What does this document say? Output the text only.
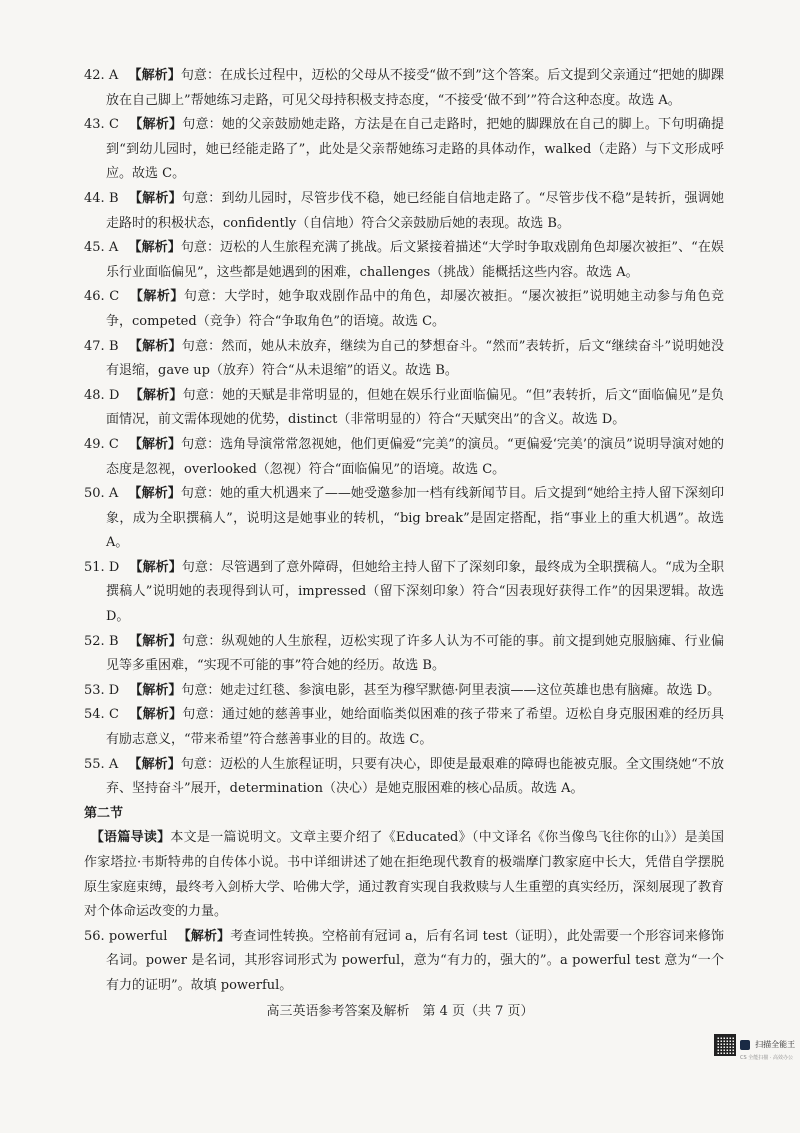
42. A 【解析】句意：在成长过程中，迈松的父母从不接受“做不到”这个答案。后文提到父亲通过“把她的脚踝放在自己脚上”帮她练习走路，可见父母持积极支持态度，“不接受‘做不到’”符合这种态度。故选 A。

43. C 【解析】句意：她的父亲鼓励她走路，方法是在自己走路时，把她的脚踝放在自己的脚上。下句明确提到“到幼儿园时，她已经能走路了”，此处是父亲帮她练习走路的具体动作，walked（走路）与下文形成呼应。故选 C。

44. B 【解析】句意：到幼儿园时，尽管步伐不稳，她已经能自信地走路了。“尽管步伐不稳”是转折，强调她走路时的积极状态，confidently（自信地）符合父亲鼓励后她的表现。故选 B。

45. A 【解析】句意：迈松的人生旅程充满了挑战。后文紧接着描述“大学时争取戏剧角色却屡次被拒”、“在娱乐行业面临偏见”，这些都是她遇到的困难，challenges（挑战）能概括这些内容。故选 A。

46. C 【解析】句意：大学时，她争取戏剧作品中的角色，却屡次被拒。“屡次被拒”说明她主动参与角色竞争，competed（竞争）符合“争取角色”的语境。故选 C。

47. B 【解析】句意：然而，她从未放弃，继续为自己的梦想奋斗。“然而”表转折，后文“继续奋斗”说明她没有退缩，gave up（放弃）符合“从未退缩”的语义。故选 B。

48. D 【解析】句意：她的天赋是非常明显的，但她在娱乐行业面临偏见。“但”表转折，后文“面临偏见”是负面情况，前文需体现她的优势，distinct（非常明显的）符合“天赋突出”的含义。故选 D。

49. C 【解析】句意：选角导演常常忽视她，他们更偏爱“完美”的演员。“更偏爱‘完美’的演员”说明导演对她的态度是忽视，overlooked（忽视）符合“面临偏见”的语境。故选 C。

50. A 【解析】句意：她的重大机遇来了——她受邀参加一档有线新闻节目。后文提到“她给主持人留下深刻印象，成为全职撰稿人”，说明这是她事业的转机，“big break”是固定搭配，指“事业上的重大机遇”。故选 A。

51. D 【解析】句意：尽管遇到了意外障碍，但她给主持人留下了深刻印象，最终成为全职撰稿人。“成为全职撰稿人”说明她的表现得到认可，impressed（留下深刻印象）符合“因表现好获得工作”的因果逻辑。故选 D。

52. B 【解析】句意：纵观她的人生旅程，迈松实现了许多人认为不可能的事。前文提到她克服脑瘫、行业偏见等多重困难，“实现不可能的事”符合她的经历。故选 B。

53. D 【解析】句意：她走过红毯、参演电影，甚至为穆罕默德·阿里表演——这位英雄也患有脑瘫。故选 D。

54. C 【解析】句意：通过她的慈善事业，她给面临类似困难的孩子带来了希望。迈松自身克服困难的经历具有励志意义，“带来希望”符合慈善事业的目的。故选 C。

55. A 【解析】句意：迈松的人生旅程证明，只要有决心，即使是最艰难的障碍也能被克服。全文围绕她“不放弃、坚持奋斗”展开，determination（决心）是她克服困难的核心品质。故选 A。

第二节

　【语篇导读】本文是一篇说明文。文章主要介绍了《Educated》（中文译名《你当像鸟飞往你的山》）是美国作家塔拉·韦斯特弗的自传体小说。书中详细讲述了她在拒绝现代教育的极端摩门教家庭中长大，凭借自学摆脱原生家庭束缚，最终考入剑桥大学、哈佛大学，通过教育实现自我救赎与人生重塑的真实经历，深刻展现了教育对个体命运改变的力量。

56. powerful 【解析】考查词性转换。空格前有冠词 a，后有名词 test（证明），此处需要一个形容词来修饰名词。power 是名词，其形容词形式为 powerful，意为“有力的，强大的”。a powerful test 意为“一个有力的证明”。故填 powerful。

高三英语参考答案及解析　第 4 页（共 7 页）
扫描全能王
CS 全能扫描 · 高效办公
